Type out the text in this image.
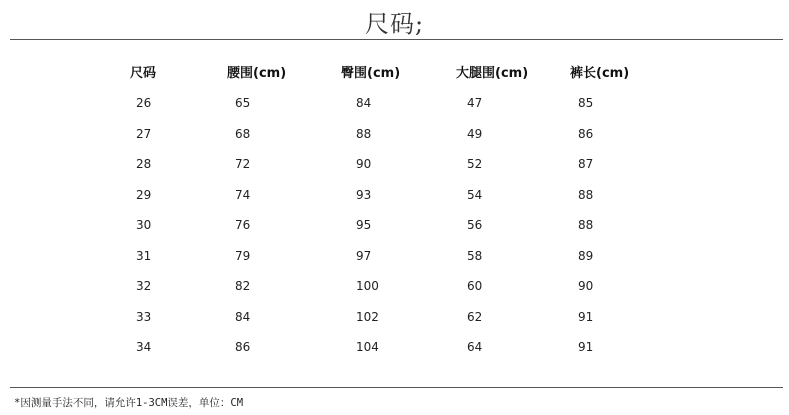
尺码;
尺码	腰围(cm)	臀围(cm)	大腿围(cm)	裤长(cm)
26	65	84	47	85
27	68	88	49	86
28	72	90	52	87
29	74	93	54	88
30	76	95	56	88
31	79	97	58	89
32	82	100	60	90
33	84	102	62	91
34	86	104	64	91
*因测量手法不同，请允许1-3CM误差，单位：CM
